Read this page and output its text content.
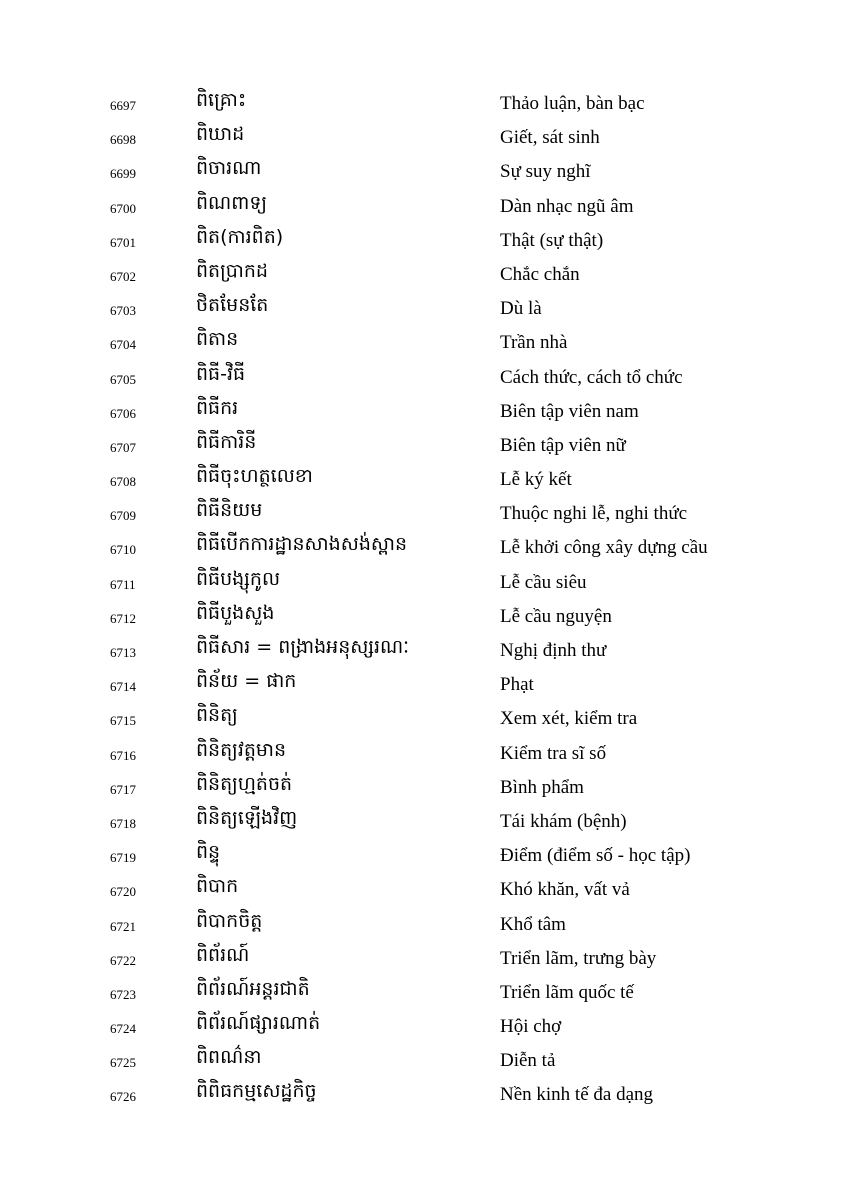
6697	ពិគ្រោះ	Thảo luận, bàn bạc
6698	ពិឃាដ	Giết, sát sinh
6699	ពិចារណា	Sự suy nghĩ
6700	ពិណពាទ្យ	Dàn nhạc ngũ âm
6701	ពិត(ការពិត)	Thật (sự thật)
6702	ពិតប្រាកដ	Chắc chắn
6703	ថិតមែនតែ	Dù là
6704	ពិតាន	Trần nhà
6705	ពិធី-វិធី	Cách thức, cách tổ chức
6706	ពិធីករ	Biên tập viên nam
6707	ពិធីការិនី	Biên tập viên nữ
6708	ពិធីចុះហត្ថលេខា	Lễ ký kết
6709	ពិធីនិយម	Thuộc nghi lễ, nghi thức
6710	ពិធីបើកការដ្ឋានសាងសង់ស្ពាន	Lễ khởi công xây dựng cầu
6711	ពិធីបង្សុកូល	Lễ cầu siêu
6712	ពិធីបួងសួង	Lễ cầu nguyện
6713	ពិធីសារ = ពង្រាងអនុស្សរណៈ	Nghị định thư
6714	ពិន័យ = ផាក	Phạt
6715	ពិនិត្យ	Xem xét, kiểm tra
6716	ពិនិត្យវត្តមាន	Kiểm tra sĩ số
6717	ពិនិត្យហ្មត់ចត់	Bình phẩm
6718	ពិនិត្យឡើងវិញ	Tái khám (bệnh)
6719	ពិន្ទុ	Điểm (điểm số - học tập)
6720	ពិបាក	Khó khăn, vất vả
6721	ពិបាកចិត្ត	Khổ tâm
6722	ពិព័រណ៍	Triển lãm, trưng bày
6723	ពិព័រណ៍អន្តរជាតិ	Triển lãm quốc tế
6724	ពិព័រណ៍ផ្សារណាត់	Hội chợ
6725	ពិពណ៌នា	Diễn tả
6726	ពិពិធកម្មសេដ្ឋកិច្ច	Nền kinh tế đa dạng
